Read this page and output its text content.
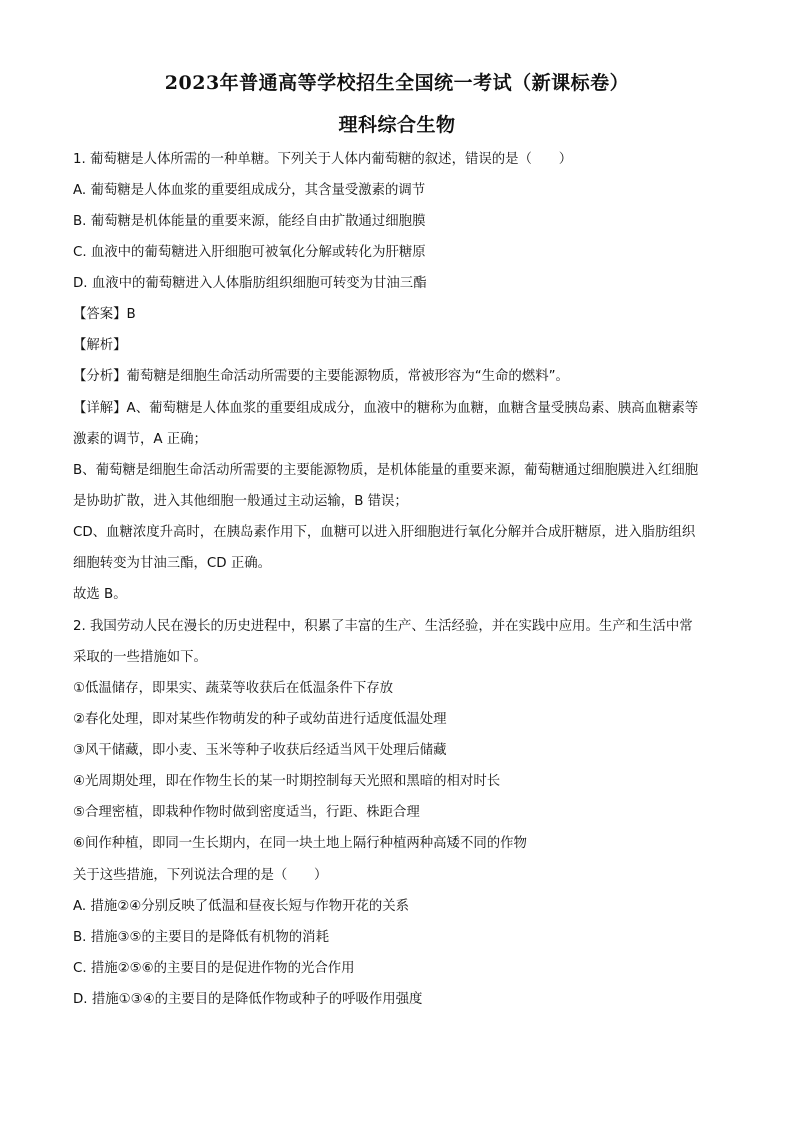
2023年普通高等学校招生全国统一考试（新课标卷）
理科综合生物
1. 葡萄糖是人体所需的一种单糖。下列关于人体内葡萄糖的叙述，错误的是（　　）
A. 葡萄糖是人体血浆的重要组成成分，其含量受激素的调节
B. 葡萄糖是机体能量的重要来源，能经自由扩散通过细胞膜
C. 血液中的葡萄糖进入肝细胞可被氧化分解或转化为肝糖原
D. 血液中的葡萄糖进入人体脂肪组织细胞可转变为甘油三酯
【答案】B
【解析】
【分析】葡萄糖是细胞生命活动所需要的主要能源物质，常被形容为“生命的燃料”。
【详解】A、葡萄糖是人体血浆的重要组成成分，血液中的糖称为血糖，血糖含量受胰岛素、胰高血糖素等
激素的调节，A 正确；
B、葡萄糖是细胞生命活动所需要的主要能源物质，是机体能量的重要来源，葡萄糖通过细胞膜进入红细胞
是协助扩散，进入其他细胞一般通过主动运输，B 错误；
CD、血糖浓度升高时，在胰岛素作用下，血糖可以进入肝细胞进行氧化分解并合成肝糖原，进入脂肪组织
细胞转变为甘油三酯，CD 正确。
故选 B。
2. 我国劳动人民在漫长的历史进程中，积累了丰富的生产、生活经验，并在实践中应用。生产和生活中常
采取的一些措施如下。
①低温储存，即果实、蔬菜等收获后在低温条件下存放
②春化处理，即对某些作物萌发的种子或幼苗进行适度低温处理
③风干储藏，即小麦、玉米等种子收获后经适当风干处理后储藏
④光周期处理，即在作物生长的某一时期控制每天光照和黑暗的相对时长
⑤合理密植，即栽种作物时做到密度适当，行距、株距合理
⑥间作种植，即同一生长期内，在同一块土地上隔行种植两种高矮不同的作物
关于这些措施，下列说法合理的是（　　）
A. 措施②④分别反映了低温和昼夜长短与作物开花的关系
B. 措施③⑤的主要目的是降低有机物的消耗
C. 措施②⑤⑥的主要目的是促进作物的光合作用
D. 措施①③④的主要目的是降低作物或种子的呼吸作用强度
